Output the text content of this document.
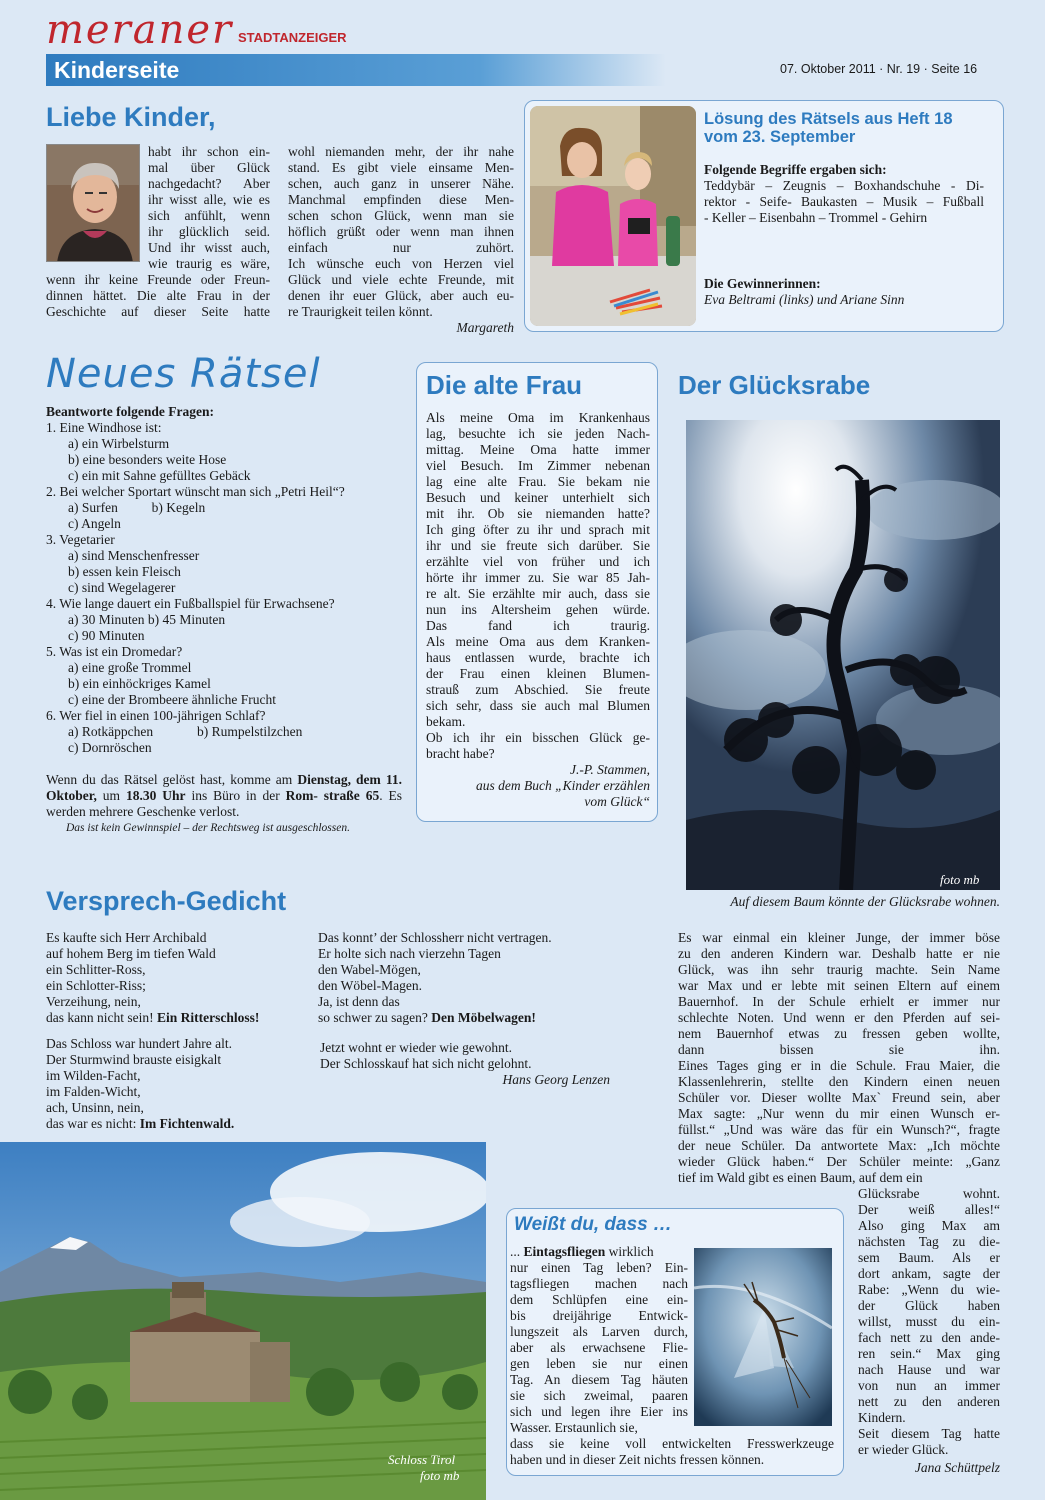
meraner STADTANZEIGER
Kinderseite	07. Oktober 2011 · Nr. 19 · Seite 16
Liebe Kinder,
habt ihr schon ein-
mal über Glück
nachgedacht? Aber
ihr wisst alle, wie es
sich anfühlt, wenn
ihr glücklich seid.
Und ihr wisst auch,
wie traurig es wäre,
wenn ihr keine Freunde oder Freun-
dinnen hättet. Die alte Frau in der
Geschichte auf dieser Seite hatte
wohl niemanden mehr, der ihr nahe
stand. Es gibt viele einsame Men-
schen, auch ganz in unserer Nähe.
Manchmal empfinden diese Men-
schen schon Glück, wenn man sie
höflich grüßt oder wenn man ihnen
einfach nur zuhört.
Ich wünsche euch von Herzen viel
Glück und viele echte Freunde, mit
denen ihr euer Glück, aber auch eu-
re Traurigkeit teilen könnt.
Margareth
Lösung des Rätsels aus Heft 18
vom 23. September
Folgende Begriffe ergaben sich:
Teddybär – Zeugnis – Boxhandschuhe - Di-
rektor - Seife- Baukasten – Musik – Fußball
- Keller – Eisenbahn – Trommel - Gehirn
Die Gewinnerinnen:
Eva Beltrami (links) und Ariane Sinn
Neues Rätsel
Beantworte folgende Fragen:
1. Eine Windhose ist:
a) ein Wirbelsturm
b) eine besonders weite Hose
c) ein mit Sahne gefülltes Gebäck
2. Bei welcher Sportart wünscht man sich „Petri Heil“?
a) Surfen          b) Kegeln
c) Angeln
3. Vegetarier
a) sind Menschenfresser
b) essen kein Fleisch
c) sind Wegelagerer
4. Wie lange dauert ein Fußballspiel für Erwachsene?
a) 30 Minuten b) 45 Minuten
c) 90 Minuten
5. Was ist ein Dromedar?
a) eine große Trommel
b) ein einhöckriges Kamel
c) eine der Brombeere ähnliche Frucht
6. Wer fiel in einen 100-jährigen Schlaf?
a) Rotkäppchen             b) Rumpelstilzchen
c) Dornröschen
Wenn du das Rätsel gelöst hast, komme am Dienstag, dem 11. Oktober, um 18.30 Uhr ins Büro in der Rom- straße 65. Es werden mehrere Geschenke verlost.
Das ist kein Gewinnspiel – der Rechtsweg ist ausgeschlossen.
Die alte Frau
Als meine Oma im Krankenhaus
lag, besuchte ich sie jeden Nach-
mittag. Meine Oma hatte immer
viel Besuch. Im Zimmer nebenan
lag eine alte Frau. Sie bekam nie
Besuch und keiner unterhielt sich
mit ihr. Ob sie niemanden hatte?
Ich ging öfter zu ihr und sprach mit
ihr und sie freute sich darüber. Sie
erzählte viel von früher und ich
hörte ihr immer zu. Sie war 85 Jah-
re alt. Sie erzählte mir auch, dass sie
nun ins Altersheim gehen würde.
Das fand ich traurig.
Als meine Oma aus dem Kranken-
haus entlassen wurde, brachte ich
der Frau einen kleinen Blumen-
strauß zum Abschied. Sie freute
sich sehr, dass sie auch mal Blumen
bekam.
Ob ich ihr ein bisschen Glück ge-
bracht habe?
J.-P. Stammen,
aus dem Buch „Kinder erzählen
vom Glück“
Der Glücksrabe
foto mb
Auf diesem Baum könnte der Glücksrabe wohnen.
Es war einmal ein kleiner Junge, der immer böse
zu den anderen Kindern war. Deshalb hatte er nie
Glück, was ihn sehr traurig machte. Sein Name
war Max und er lebte mit seinen Eltern auf einem
Bauernhof. In der Schule erhielt er immer nur
schlechte Noten. Und wenn er den Pferden auf sei-
nem Bauernhof etwas zu fressen geben wollte,
dann bissen sie ihn.
Eines Tages ging er in die Schule. Frau Maier, die
Klassenlehrerin, stellte den Kindern einen neuen
Schüler vor. Dieser wollte Max` Freund sein, aber
Max sagte: „Nur wenn du mir einen Wunsch er-
füllst.“ „Und was wäre das für ein Wunsch?“, fragte
der neue Schüler. Da antwortete Max: „Ich möchte
wieder Glück haben.“ Der Schüler meinte: „Ganz
tief im Wald gibt es einen Baum, auf dem ein
Glücksrabe wohnt.
Der weiß alles!“
Also ging Max am
nächsten Tag zu die-
sem Baum. Als er
dort ankam, sagte der
Rabe: „Wenn du wie-
der Glück haben
willst, musst du ein-
fach nett zu den ande-
ren sein.“ Max ging
nach Hause und war
von nun an immer
nett zu den anderen
Kindern.
Seit diesem Tag hatte
er wieder Glück.
Jana Schüttpelz
Versprech-Gedicht
Es kaufte sich Herr Archibald
auf hohem Berg im tiefen Wald
ein Schlitter-Ross,
ein Schlotter-Riss;
Verzeihung, nein,
das kann nicht sein! Ein Ritterschloss!
Das Schloss war hundert Jahre alt.
Der Sturmwind brauste eisigkalt
im Wilden-Facht,
im Falden-Wicht,
ach, Unsinn, nein,
das war es nicht: Im Fichtenwald.
Das konnt’ der Schlossherr nicht vertragen.
Er holte sich nach vierzehn Tagen
den Wabel-Mögen,
den Wöbel-Magen.
Ja, ist denn das
so schwer zu sagen? Den Möbelwagen!
Jetzt wohnt er wieder wie gewohnt.
Der Schlosskauf hat sich nicht gelohnt.
Hans Georg Lenzen
Schloss Tirol
foto mb
Weißt du, dass …
... Eintagsfliegen wirklich
nur einen Tag leben? Ein-
tagsfliegen machen nach
dem Schlüpfen eine ein-
bis dreijährige Entwick-
lungszeit als Larven durch,
aber als erwachsene Flie-
gen leben sie nur einen
Tag. An diesem Tag häuten
sie sich zweimal, paaren
sich und legen ihre Eier ins
Wasser. Erstaunlich sie,
dass sie keine voll entwickelten Fresswerkzeuge
haben und in dieser Zeit nichts fressen können.
